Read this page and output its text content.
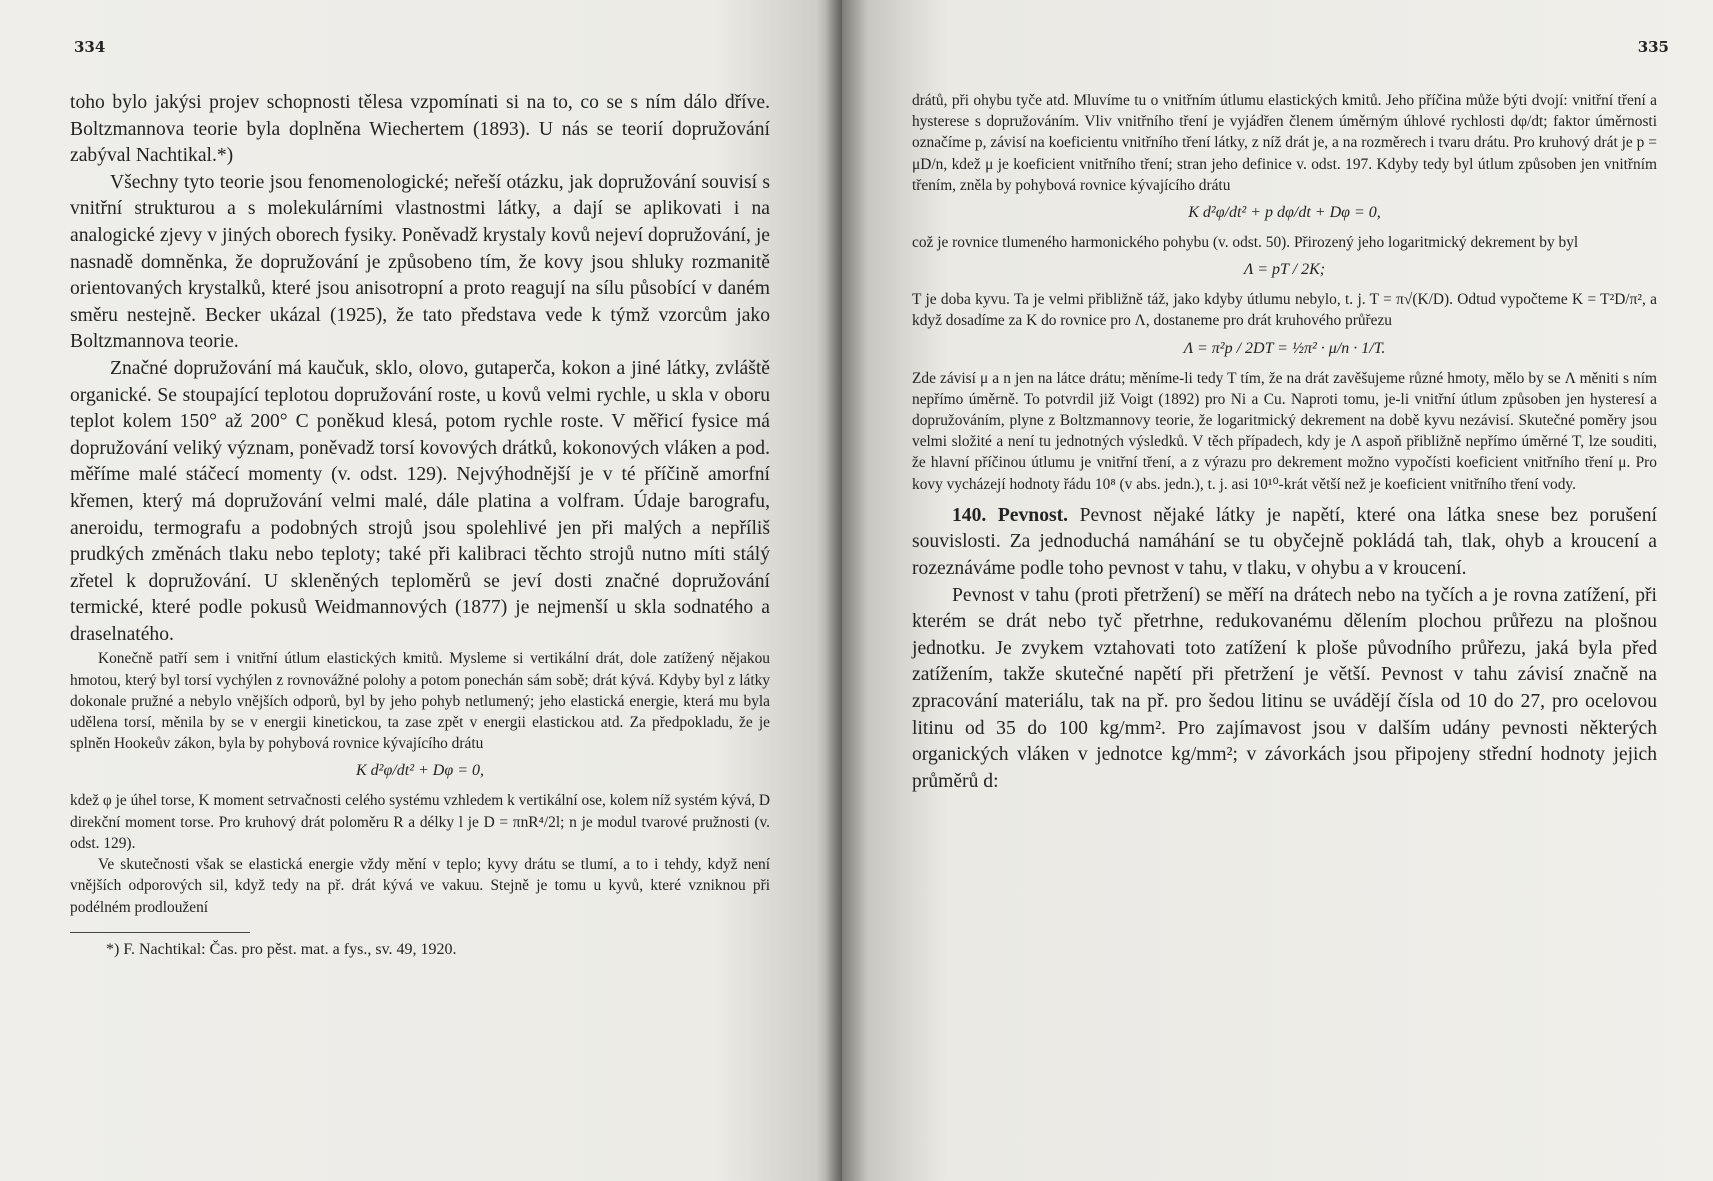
334

toho bylo jakýsi projev schopnosti tělesa vzpomínati si na to, co se s ním dálo dříve. Boltzmannova teorie byla doplněna Wiechertem (1893). U nás se teorií dopružování zabýval Nachtikal.*)

Všechny tyto teorie jsou fenomenologické; neřeší otázku, jak dopružování souvisí s vnitřní strukturou a s molekulárními vlastnostmi látky, a dají se aplikovati i na analogické zjevy v jiných oborech fysiky. Poněvadž krystaly kovů nejeví dopružování, je nasnadě domněnka, že dopružování je způsobeno tím, že kovy jsou shluky rozmanitě orientovaných krystalků, které jsou anisotropní a proto reagují na sílu působící v daném směru nestejně. Becker ukázal (1925), že tato představa vede k týmž vzorcům jako Boltzmannova teorie.

Značné dopružování má kaučuk, sklo, olovo, gutaperča, kokon a jiné látky, zvláště organické. Se stoupající teplotou dopružování roste, u kovů velmi rychle, u skla v oboru teplot kolem 150° až 200° C poněkud klesá, potom rychle roste. V měřicí fysice má dopružování veliký význam, poněvadž torsí kovových drátků, kokonových vláken a pod. měříme malé stáčecí momenty (v. odst. 129). Nejvýhodnější je v té příčině amorfní křemen, který má dopružování velmi malé, dále platina a volfram. Údaje barografu, aneroidu, termografu a podobných strojů jsou spolehlivé jen při malých a nepříliš prudkých změnách tlaku nebo teploty; také při kalibraci těchto strojů nutno míti stálý zřetel k dopružování. U skleněných teploměrů se jeví dosti značné dopružování termické, které podle pokusů Weidmannových (1877) je nejmenší u skla sodnatého a draselnatého.

Konečně patří sem i vnitřní útlum elastických kmitů. Mysleme si vertikální drát, dole zatížený nějakou hmotou, který byl torsí vychýlen z rovnovážné polohy a potom ponechán sám sobě; drát kývá. Kdyby byl z látky dokonale pružné a nebylo vnějších odporů, byl by jeho pohyb netlumený; jeho elastická energie, která mu byla udělena torsí, měnila by se v energii kinetickou, ta zase zpět v energii elastickou atd. Za předpokladu, že je splněn Hookeův zákon, byla by pohybová rovnice kývajícího drátu

K d²φ/dt² + Dφ = 0,

kdež φ je úhel torse, K moment setrvačnosti celého systému vzhledem k vertikální ose, kolem níž systém kývá, D direkční moment torse. Pro kruhový drát poloměru R a délky l je D = πnR⁴/2l; n je modul tvarové pružnosti (v. odst. 129).

Ve skutečnosti však se elastická energie vždy mění v teplo; kyvy drátu se tlumí, a to i tehdy, když není vnějších odporových sil, když tedy na př. drát kývá ve vakuu. Stejně je tomu u kyvů, které vzniknou při podélném prodloužení

*) F. Nachtikal: Čas. pro pěst. mat. a fys., sv. 49, 1920.
335

drátů, při ohybu tyče atd. Mluvíme tu o vnitřním útlumu elastických kmitů. Jeho příčina může býti dvojí: vnitřní tření a hysterese s dopružováním. Vliv vnitřního tření je vyjádřen členem úměrným úhlové rychlosti dφ/dt; faktor úměrnosti označíme p, závisí na koeficientu vnitřního tření látky, z níž drát je, a na rozměrech i tvaru drátu. Pro kruhový drát je p = μD/n, kdež μ je koeficient vnitřního tření; stran jeho definice v. odst. 197. Kdyby tedy byl útlum způsoben jen vnitřním třením, zněla by pohybová rovnice kývajícího drátu

K d²φ/dt² + p dφ/dt + Dφ = 0,

což je rovnice tlumeného harmonického pohybu (v. odst. 50). Přirozený jeho logaritmický dekrement by byl

Λ = pT / 2K;

T je doba kyvu. Ta je velmi přibližně táž, jako kdyby útlumu nebylo, t. j. T = π√(K/D). Odtud vypočteme K = T²D/π², a když dosadíme za K do rovnice pro Λ, dostaneme pro drát kruhového průřezu

Λ = π²p / 2DT = ½π² · μ/n · 1/T.

Zde závisí μ a n jen na látce drátu; měníme-li tedy T tím, že na drát zavěšujeme různé hmoty, mělo by se Λ měniti s ním nepřímo úměrně. To potvrdil již Voigt (1892) pro Ni a Cu. Naproti tomu, je-li vnitřní útlum způsoben jen hysteresí a dopružováním, plyne z Boltzmannovy teorie, že logaritmický dekrement na době kyvu nezávisí. Skutečné poměry jsou velmi složité a není tu jednotných výsledků. V těch případech, kdy je Λ aspoň přibližně nepřímo úměrné T, lze souditi, že hlavní příčinou útlumu je vnitřní tření, a z výrazu pro dekrement možno vypočísti koeficient vnitřního tření μ. Pro kovy vycházejí hodnoty řádu 10⁸ (v abs. jedn.), t. j. asi 10¹⁰-krát větší než je koeficient vnitřního tření vody.

140. Pevnost. Pevnost nějaké látky je napětí, které ona látka snese bez porušení souvislosti. Za jednoduchá namáhání se tu obyčejně pokládá tah, tlak, ohyb a kroucení a rozeznáváme podle toho pevnost v tahu, v tlaku, v ohybu a v kroucení.

Pevnost v tahu (proti přetržení) se měří na drátech nebo na tyčích a je rovna zatížení, při kterém se drát nebo tyč přetrhne, redukovanému dělením plochou průřezu na plošnou jednotku. Je zvykem vztahovati toto zatížení k ploše původního průřezu, jaká byla před zatížením, takže skutečné napětí při přetržení je větší. Pevnost v tahu závisí značně na zpracování materiálu, tak na př. pro šedou litinu se uvádějí čísla od 10 do 27, pro ocelovou litinu od 35 do 100 kg/mm². Pro zajímavost jsou v dalším udány pevnosti některých organických vláken v jednotce kg/mm²; v závorkách jsou připojeny střední hodnoty jejich průměrů d:
